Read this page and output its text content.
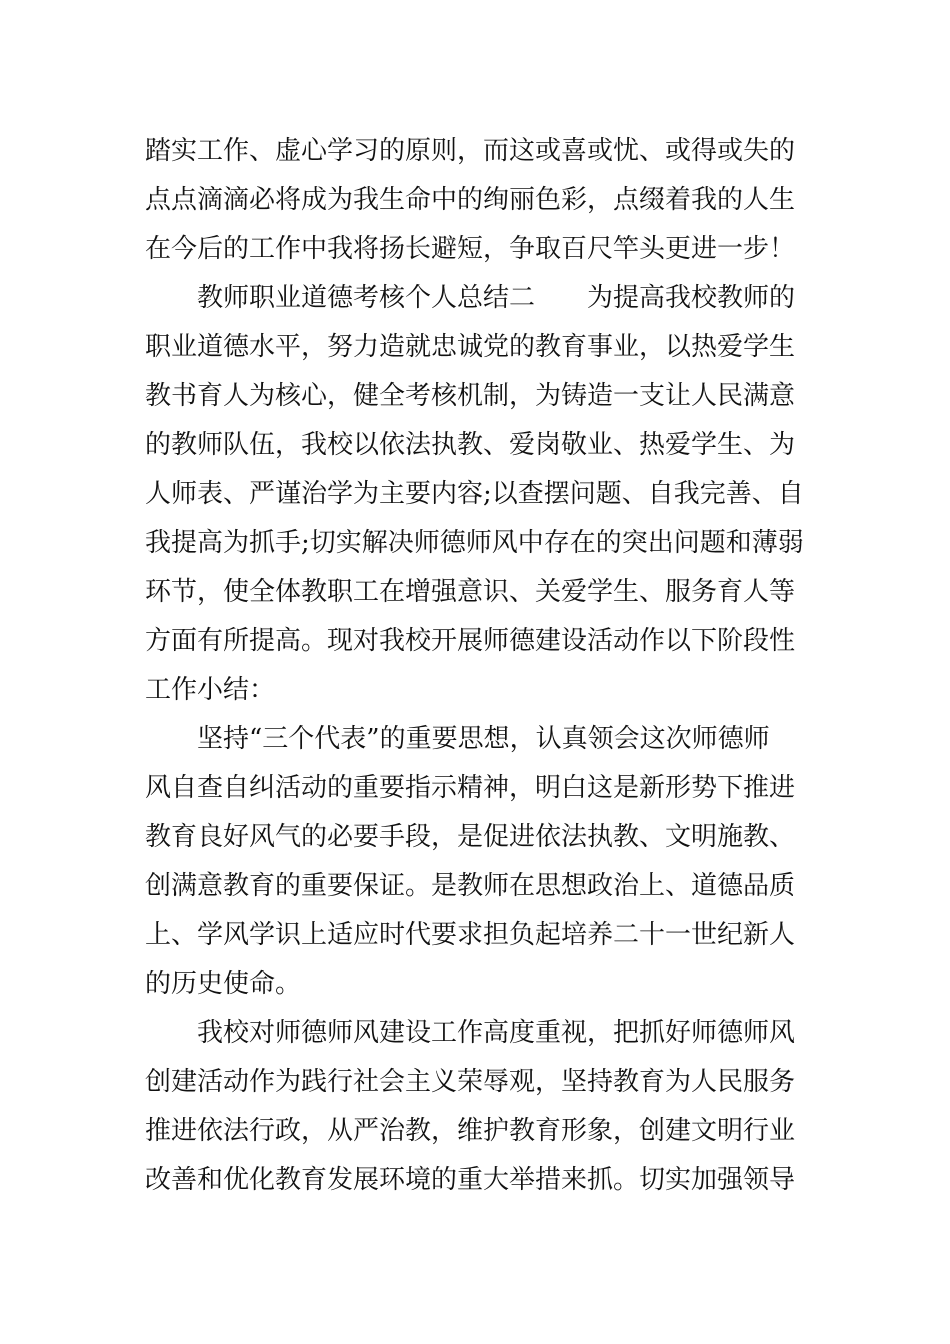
踏实工作、虚心学习的原则，而这或喜或忧、或得或失的
点点滴滴必将成为我生命中的绚丽色彩，点缀着我的人生
在今后的工作中我将扬长避短，争取百尺竿头更进一步！
教师职业道德考核个人总结二　　为提高我校教师的
职业道德水平，努力造就忠诚党的教育事业，以热爱学生
教书育人为核心，健全考核机制，为铸造一支让人民满意
的教师队伍，我校以依法执教、爱岗敬业、热爱学生、为
人师表、严谨治学为主要内容;以查摆问题、自我完善、自
我提高为抓手;切实解决师德师风中存在的突出问题和薄弱
环节，使全体教职工在增强意识、关爱学生、服务育人等
方面有所提高。现对我校开展师德建设活动作以下阶段性
工作小结：
坚持“三个代表”的重要思想，认真领会这次师德师
风自查自纠活动的重要指示精神，明白这是新形势下推进
教育良好风气的必要手段，是促进依法执教、文明施教、
创满意教育的重要保证。是教师在思想政治上、道德品质
上、学风学识上适应时代要求担负起培养二十一世纪新人
的历史使命。
我校对师德师风建设工作高度重视，把抓好师德师风
创建活动作为践行社会主义荣辱观，坚持教育为人民服务
推进依法行政，从严治教，维护教育形象，创建文明行业
改善和优化教育发展环境的重大举措来抓。切实加强领导
